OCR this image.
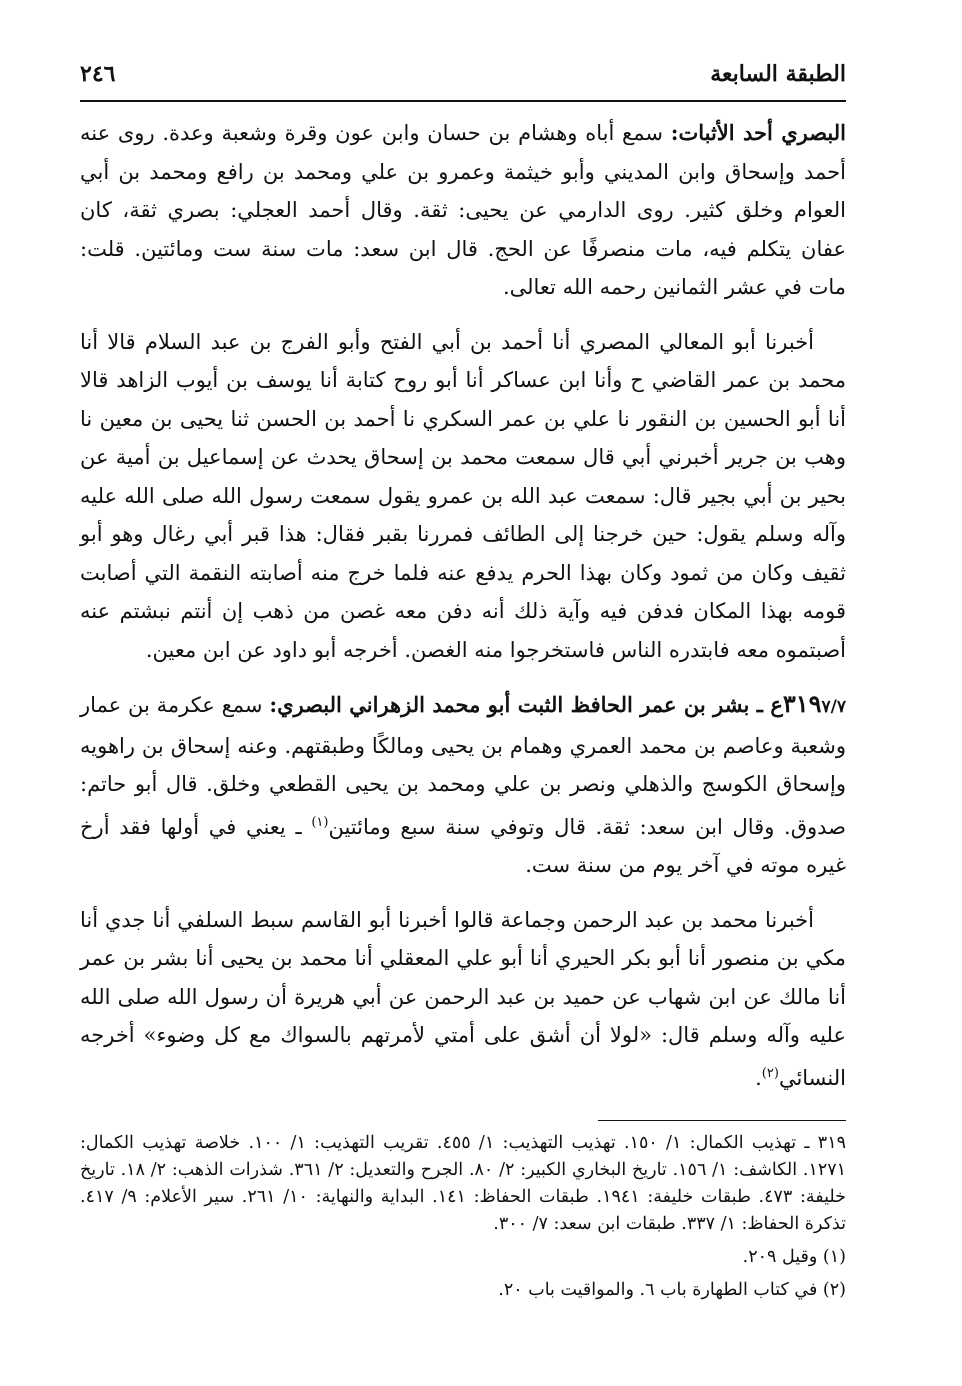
الطبقة السابعة
٢٤٦

البصري أحد الأثبات: سمع أباه وهشام بن حسان وابن عون وقرة وشعبة وعدة. روى عنه أحمد وإسحاق وابن المديني وأبو خيثمة وعمرو بن علي ومحمد بن رافع ومحمد بن أبي العوام وخلق كثير. روى الدارمي عن يحيى: ثقة. وقال أحمد العجلي: بصري ثقة، كان عفان يتكلم فيه، مات منصرفًا عن الحج. قال ابن سعد: مات سنة ست ومائتين. قلت: مات في عشر الثمانين رحمه الله تعالى.

أخبرنا أبو المعالي المصري أنا أحمد بن أبي الفتح وأبو الفرج بن عبد السلام قالا أنا محمد بن عمر القاضي ح وأنا ابن عساكر أنا أبو روح كتابة أنا يوسف بن أيوب الزاهد قالا أنا أبو الحسين بن النقور نا علي بن عمر السكري نا أحمد بن الحسن ثنا يحيى بن معين نا وهب بن جرير أخبرني أبي قال سمعت محمد بن إسحاق يحدث عن إسماعيل بن أمية عن بحير بن أبي بجير قال: سمعت عبد الله بن عمرو يقول سمعت رسول الله صلى الله عليه وآله وسلم يقول: حين خرجنا إلى الطائف فمررنا بقبر فقال: هذا قبر أبي رغال وهو أبو ثقيف وكان من ثمود وكان بهذا الحرم يدفع عنه فلما خرج منه أصابته النقمة التي أصابت قومه بهذا المكان فدفن فيه وآية ذلك أنه دفن معه غصن من ذهب إن أنتم نبشتم عنه أصبتموه معه فابتدره الناس فاستخرجوا منه الغصن. أخرجه أبو داود عن ابن معين.

٣١٩٧/٧ع ـ بشر بن عمر الحافظ الثبت أبو محمد الزهراني البصري: سمع عكرمة بن عمار وشعبة وعاصم بن محمد العمري وهمام بن يحيى ومالكًا وطبقتهم. وعنه إسحاق بن راهويه وإسحاق الكوسج والذهلي ونصر بن علي ومحمد بن يحيى القطعي وخلق. قال أبو حاتم: صدوق. وقال ابن سعد: ثقة. قال وتوفي سنة سبع ومائتين$^{(١)}$ ـ يعني في أولها فقد أرخ غيره موته في آخر يوم من سنة ست.

أخبرنا محمد بن عبد الرحمن وجماعة قالوا أخبرنا أبو القاسم سبط السلفي أنا جدي أنا مكي بن منصور أنا أبو بكر الحيري أنا أبو علي المعقلي أنا محمد بن يحيى أنا بشر بن عمر أنا مالك عن ابن شهاب عن حميد بن عبد الرحمن عن أبي هريرة أن رسول الله صلى الله عليه وآله وسلم قال: «لولا أن أشق على أمتي لأمرتهم بالسواك مع كل وضوء» أخرجه النسائي$^{(٢)}$.

٣١٩ ـ تهذيب الكمال: ١/ ١٥٠. تهذيب التهذيب: ١/ ٤٥٥. تقريب التهذيب: ١/ ١٠٠. خلاصة تهذيب الكمال: ١٢٧١. الكاشف: ١/ ١٥٦. تاريخ البخاري الكبير: ٢/ ٨٠. الجرح والتعديل: ٢/ ٣٦١. شذرات الذهب: ٢/ ١٨. تاريخ خليفة: ٤٧٣. طبقات خليفة: ١٩٤١. طبقات الحفاظ: ١٤١. البداية والنهاية: ١٠/ ٢٦١. سير الأعلام: ٩/ ٤١٧. تذكرة الحفاظ: ١/ ٣٣٧. طبقات ابن سعد: ٧/ ٣٠٠.
(١) وقيل ٢٠٩.
(٢) في كتاب الطهارة باب ٦. والمواقيت باب ٢٠.
